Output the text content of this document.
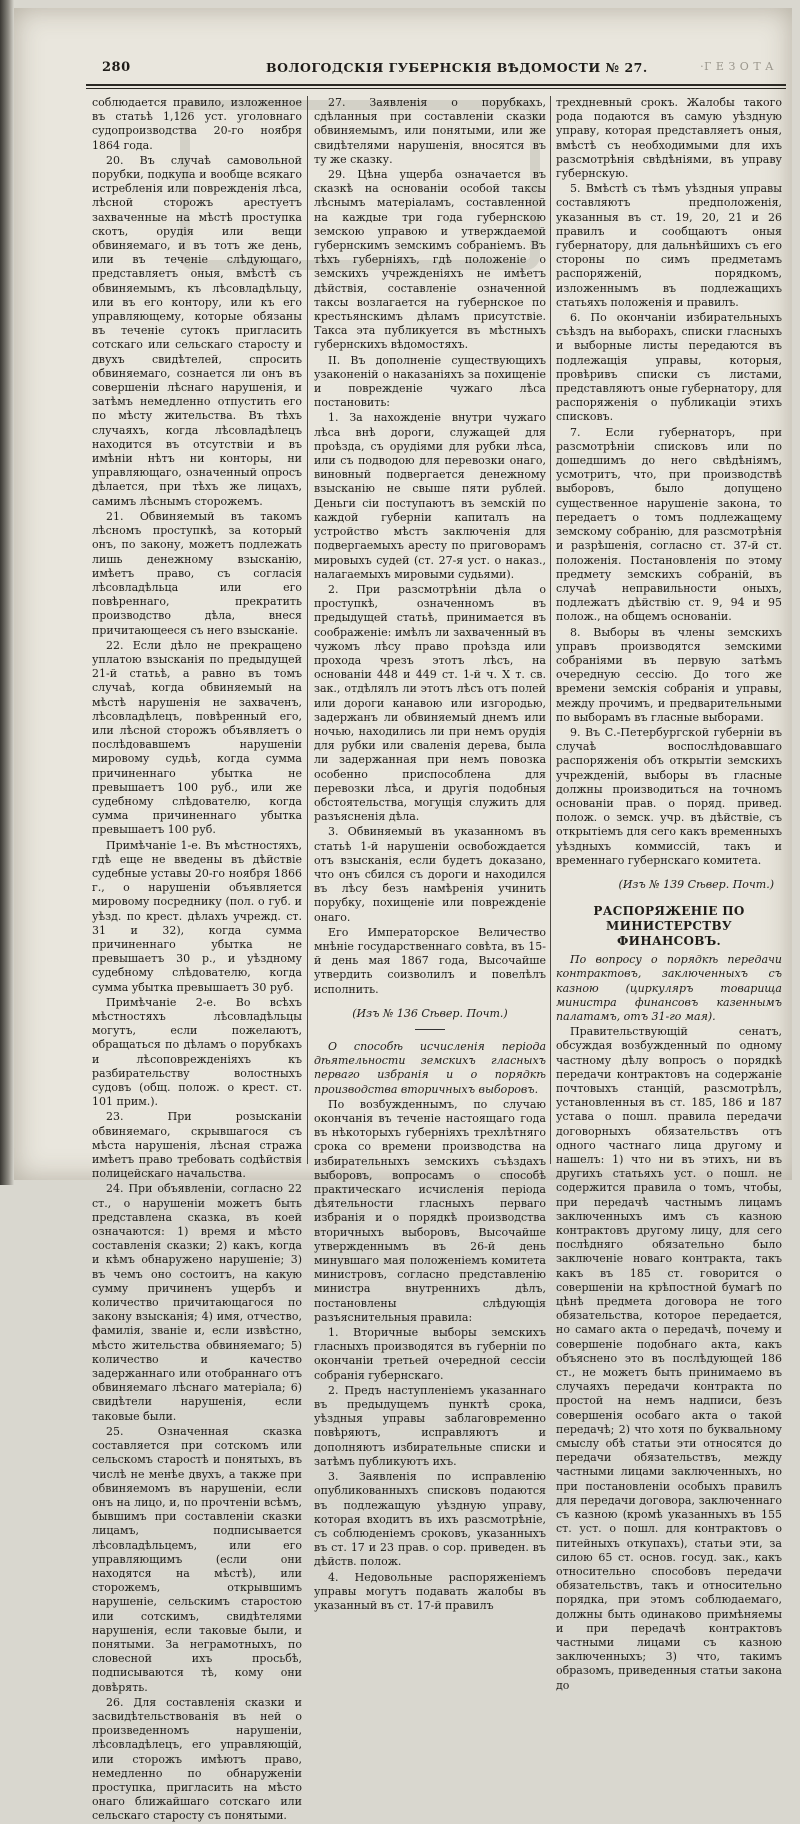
280	ВОЛОГОДСКІЯ ГУБЕРНСКІЯ ВѢДОМОСТИ № 27.	·Г Е З О Т А

соблюдается правило, изложенное въ статьѣ 1,126 уст. уголовнаго судопроизводства 20-го ноября 1864 года.

20. Въ случаѣ самовольной порубки, подкупа и вообще всякаго истребленія или поврежденія лѣса, лѣсной сторожъ арестуетъ захваченные на мѣстѣ проступка скотъ, орудія или вещи обвиняемаго, и въ тотъ же день, или въ теченіе слѣдующаго, представляетъ оныя, вмѣстѣ съ обвиняемымъ, къ лѣсовладѣльцу, или въ его контору, или къ его управляющему, которые обязаны въ теченіе сутокъ пригласить сотскаго или сельскаго старосту и двухъ свидѣтелей, спросить обвиняемаго, сознается ли онъ въ совершеніи лѣснаго нарушенія, и затѣмъ немедленно отпустить его по мѣсту жительства. Въ тѣхъ случаяхъ, когда лѣсовладѣлецъ находится въ отсутствіи и въ имѣніи нѣтъ ни конторы, ни управляющаго, означенный опросъ дѣлается, при тѣхъ же лицахъ, самимъ лѣснымъ сторожемъ.

21. Обвиняемый въ такомъ лѣсномъ проступкѣ, за который онъ, по закону, можетъ подлежать лишь денежному взысканію, имѣетъ право, съ согласія лѣсовладѣльца или его повѣреннаго, прекратить производство дѣла, внеся причитающееся съ него взысканіе.

22. Если дѣло не прекращено уплатою взысканія по предыдущей 21-й статьѣ, а равно въ томъ случаѣ, когда обвиняемый на мѣстѣ нарушенія не захваченъ, лѣсовладѣлецъ, повѣренный его, или лѣсной сторожъ объявляетъ о послѣдовавшемъ нарушеніи мировому судьѣ, когда сумма причиненнаго убытка не превышаетъ 100 руб., или же судебному слѣдователю, когда сумма причиненнаго убытка превышаетъ 100 руб.

Примѣчаніе 1-е. Въ мѣстностяхъ, гдѣ еще не введены въ дѣйствіе судебные уставы 20-го ноября 1866 г., о нарушеніи объявляется мировому посреднику (пол. о губ. и уѣзд. по крест. дѣлахъ учрежд. ст. 31 и 32), когда сумма причиненнаго убытка не превышаетъ 30 р., и уѣздному судебному слѣдователю, когда сумма убытка превышаетъ 30 руб.

Примѣчаніе 2-е. Во всѣхъ мѣстностяхъ лѣсовладѣльцы могутъ, если пожелаютъ, обращаться по дѣламъ о порубкахъ и лѣсоповрежденіяхъ къ разбирательству волостныхъ судовъ (общ. полож. о крест. ст. 101 прим.).

23. При розысканіи обвиняемаго, скрывшагося съ мѣста нарушенія, лѣсная стража имѣетъ право требовать содѣйствія полицейскаго начальства.

24. При объявленіи, согласно 22 ст., о нарушеніи можетъ быть представлена сказка, въ коей означаются: 1) время и мѣсто составленія сказки; 2) какъ, когда и кѣмъ обнаружено нарушеніе; 3) въ чемъ оно состоитъ, на какую сумму причиненъ ущербъ и количество причитающагося по закону взысканія; 4) имя, отчество, фамилія, званіе и, если извѣстно, мѣсто жительства обвиняемаго; 5) количество и качество задержаннаго или отобраннаго отъ обвиняемаго лѣснаго матеріала; 6) свидѣтели нарушенія, если таковые были.

25. Означенная сказка составляется при сотскомъ или сельскомъ старостѣ и понятыхъ, въ числѣ не менѣе двухъ, а также при обвиняемомъ въ нарушеніи, если онъ на лицо, и, по прочтеніи всѣмъ, бывшимъ при составленіи сказки лицамъ, подписывается лѣсовладѣльцемъ, или его управляющимъ (если они находятся на мѣстѣ), или сторожемъ, открывшимъ нарушеніе, сельскимъ старостою или сотскимъ, свидѣтелями нарушенія, если таковые были, и понятыми. За неграмотныхъ, по словесной ихъ просьбѣ, подписываются тѣ, кому они довѣрять.

26. Для составленія сказки и засвидѣтельствованія въ ней о произведенномъ нарушеніи, лѣсовладѣлецъ, его управляющій, или сторожъ имѣютъ право, немедленно по обнаруженіи проступка, пригласить на мѣсто онаго ближайшаго сотскаго или сельскаго старосту съ понятыми.

27. Заявленія о порубкахъ, сдѣланныя при составленіи сказки обвиняемымъ, или понятыми, или же свидѣтелями нарушенія, вносятся въ ту же сказку.

29. Цѣна ущерба означается въ сказкѣ на основаніи особой таксы лѣснымъ матеріаламъ, составленной на каждые три года губернскою земскою управою и утверждаемой губернскимъ земскимъ собраніемъ. Въ тѣхъ губерніяхъ, гдѣ положеніе о земскихъ учрежденіяхъ не имѣетъ дѣйствія, составленіе означенной таксы возлагается на губернское по крестьянскимъ дѣламъ присутствіе. Такса эта публикуется въ мѣстныхъ губернскихъ вѣдомостяхъ.

II. Въ дополненіе существующихъ узаконеній о наказаніяхъ за похищеніе и поврежденіе чужаго лѣса постановить:

1. За нахожденіе внутри чужаго лѣса внѣ дороги, служащей для проѣзда, съ орудіями для рубки лѣса, или съ подводою для перевозки онаго, виновный подвергается денежному взысканію не свыше пяти рублей. Деньги сіи поступаютъ въ земскій по каждой губерніи капиталъ на устройство мѣстъ заключенія для подвергаемыхъ аресту по приговорамъ мировыхъ судей (ст. 27-я уст. о наказ., налагаемыхъ мировыми судьями).

2. При разсмотрѣніи дѣла о проступкѣ, означенномъ въ предыдущей статьѣ, принимается въ соображеніе: имѣлъ ли захваченный въ чужомъ лѣсу право проѣзда или прохода чрезъ этотъ лѣсъ, на основаніи 448 и 449 ст. 1-й ч. X т. св. зак., отдѣлялъ ли этотъ лѣсъ отъ полей или дороги канавою или изгородью, задержанъ ли обвиняемый днемъ или ночью, находились ли при немъ орудія для рубки или сваленія дерева, была ли задержанная при немъ повозка особенно приспособлена для перевозки лѣса, и другія подобныя обстоятельства, могущія служить для разъясненія дѣла.

3. Обвиняемый въ указанномъ въ статьѣ 1-й нарушеніи освобождается отъ взысканія, если будетъ доказано, что онъ сбился съ дороги и находился въ лѣсу безъ намѣренія учинить порубку, похищеніе или поврежденіе онаго.

Его Императорское Величество мнѣніе государственнаго совѣта, въ 15-й день мая 1867 года, Высочайше утвердить соизволилъ и повелѣлъ исполнить.

(Изъ № 136 Сѣвер. Почт.)

О способѣ исчисленія періода дѣятельности земскихъ гласныхъ перваго избранія и о порядкѣ производства вторичныхъ выборовъ.

По возбужденнымъ, по случаю окончанія въ теченіе настоящаго года въ нѣкоторыхъ губерніяхъ трехлѣтняго срока со времени производства на избирательныхъ земскихъ съѣздахъ выборовъ, вопросамъ о способѣ практическаго исчисленія періода дѣятельности гласныхъ перваго избранія и о порядкѣ производства вторичныхъ выборовъ, Высочайше утвержденнымъ въ 26-й день минувшаго мая положеніемъ комитета министровъ, согласно представленію министра внутреннихъ дѣлъ, постановлены слѣдующія разъяснительныя правила:

1. Вторичные выборы земскихъ гласныхъ производятся въ губерніи по окончаніи третьей очередной сессіи собранія губернскаго.

2. Предъ наступленіемъ указаннаго въ предыдущемъ пунктѣ срока, уѣздныя управы заблаговременно повѣряютъ, исправляютъ и дополняютъ избирательные списки и затѣмъ публикуютъ ихъ.

3. Заявленія по исправленію опубликованныхъ списковъ подаются въ подлежащую уѣздную управу, которая входитъ въ ихъ разсмотрѣніе, съ соблюденіемъ сроковъ, указанныхъ въ ст. 17 и 23 прав. о сор. приведен. въ дѣйств. полож.

4. Недовольные распоряженіемъ управы могутъ подавать жалобы въ указанный въ ст. 17-й правилъ

трехдневный срокъ. Жалобы такого рода подаются въ самую уѣздную управу, которая представляетъ оныя, вмѣстѣ съ необходимыми для ихъ разсмотрѣнія свѣдѣніями, въ управу губернскую.

5. Вмѣстѣ съ тѣмъ уѣздныя управы составляютъ предположенія, указанныя въ ст. 19, 20, 21 и 26 правилъ и сообщаютъ оныя губернатору, для дальнѣйшихъ съ его стороны по симъ предметамъ распоряженій, порядкомъ, изложеннымъ въ подлежащихъ статьяхъ положенія и правилъ.

6. По окончаніи избирательныхъ съѣздъ на выборахъ, списки гласныхъ и выборные листы передаются въ подлежащія управы, которыя, провѣривъ списки съ листами, представляютъ оные губернатору, для распоряженія о публикаціи этихъ списковъ.

7. Если губернаторъ, при разсмотрѣніи списковъ или по дошедшимъ до него свѣдѣніямъ, усмотритъ, что, при производствѣ выборовъ, было допущено существенное нарушеніе закона, то передаетъ о томъ подлежащему земскому собранію, для разсмотрѣнія и разрѣшенія, согласно ст. 37-й ст. положенія. Постановленія по этому предмету земскихъ собраній, въ случаѣ неправильности оныхъ, подлежатъ дѣйствію ст. 9, 94 и 95 полож., на общемъ основаніи.

8. Выборы въ члены земскихъ управъ производятся земскими собраніями въ первую затѣмъ очередную сессію. До того же времени земскія собранія и управы, между прочимъ, и предварительными по выборамъ въ гласные выборами.

9. Въ С.-Петербургской губерніи въ случаѣ воспослѣдовавшаго распоряженія объ открытіи земскихъ учрежденій, выборы въ гласные должны производиться на точномъ основаніи прав. о поряд. привед. полож. о земск. учр. въ дѣйствіе, съ открытіемъ для сего какъ временныхъ уѣздныхъ коммиссій, такъ и временнаго губернскаго комитета.

(Изъ № 139 Сѣвер. Почт.)
РАСПОРЯЖЕНІЕ ПО МИНИСТЕРСТВУ ФИНАНСОВЪ.

По вопросу о порядкѣ передачи контрактовъ, заключенныхъ съ казною (циркуляръ товарища министра финансовъ казеннымъ палатамъ, отъ 31-го мая).

Правительствующій сенатъ, обсуждая возбужденный по одному частному дѣлу вопросъ о порядкѣ передачи контрактовъ на содержаніе почтовыхъ станцій, разсмотрѣлъ, установленныя въ ст. 185, 186 и 187 устава о пошл. правила передачи договорныхъ обязательствъ отъ одного частнаго лица другому и нашелъ: 1) что ни въ этихъ, ни въ другихъ статьяхъ уст. о пошл. не содержится правила о томъ, чтобы, при передачѣ частнымъ лицамъ заключенныхъ имъ съ казною контрактовъ другому лицу, для сего послѣдняго обязательно было заключеніе новаго контракта, такъ какъ въ 185 ст. говорится о совершеніи на крѣпостной бумагѣ по цѣнѣ предмета договора не того обязательства, которое передается, но самаго акта о передачѣ, почему и совершеніе подобнаго акта, какъ объяснено это въ послѣдующей 186 ст., не можетъ быть принимаемо въ случаяхъ передачи контракта по простой на немъ надписи, безъ совершенія особаго акта о такой передачѣ; 2) что хотя по буквальному смыслу обѣ статьи эти относятся до передачи обязательствъ, между частными лицами заключенныхъ, но при постановленіи особыхъ правилъ для передачи договора, заключеннаго съ казною (кромѣ указанныхъ въ 155 ст. уст. о пошл. для контрактовъ о питейныхъ откупахъ), статьи эти, за силою 65 ст. основ. госуд. зак., какъ относительно способовъ передачи обязательствъ, такъ и относительно порядка, при этомъ соблюдаемаго, должны быть одинаково примѣняемы и при передачѣ контрактовъ частными лицами съ казною заключенныхъ; 3) что, такимъ образомъ, приведенныя статьи закона до
